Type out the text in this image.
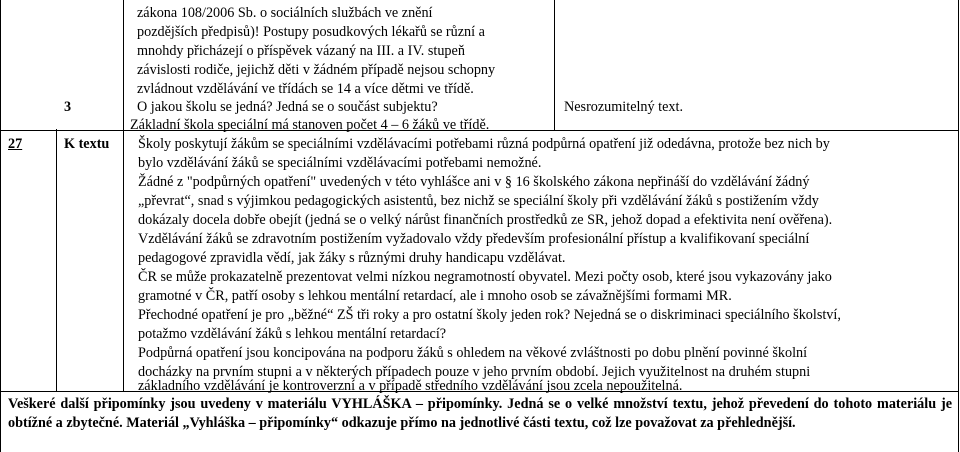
zákona 108/2006 Sb. o sociálních službách ve znění
pozdějších předpisů)! Postupy posudkových lékařů se různí a
mnohdy přicházejí o příspěvek vázaný na III. a IV. stupeň
závislosti rodiče, jejichž děti v žádném případě nejsou schopny
zvládnout vzdělávání ve třídách se 14 a více dětmi ve třídě.
3	O jakou školu se jedná? Jedná se o součást subjektu?
Základní škola speciální má stanoven počet 4 – 6 žáků ve třídě.
Nesrozumitelný text.
27	K textu Školy poskytují žákům se speciálními vzdělávacími potřebami různá podpůrná opatření již odedávna, protože bez nich by
bylo vzdělávání žáků se speciálními vzdělávacími potřebami nemožné.
Žádné z "podpůrných opatření" uvedených v této vyhlášce ani v § 16 školského zákona nepřináší do vzdělávání žádný
„převrat“, snad s výjimkou pedagogických asistentů, bez nichž se speciální školy při vzdělávání žáků s postižením vždy
dokázaly docela dobře obejít (jedná se o velký nárůst finančních prostředků ze SR, jehož dopad a efektivita není ověřena).
Vzdělávání žáků se zdravotním postižením vyžadovalo vždy především profesionální přístup a kvalifikovaní speciální
pedagogové zpravidla vědí, jak žáky s různými druhy handicapu vzdělávat.
ČR se může prokazatelně prezentovat velmi nízkou negramotností obyvatel. Mezi počty osob, které jsou vykazovány jako
gramotné v ČR, patří osoby s lehkou mentální retardací, ale i mnoho osob se závažnějšími formami MR.
Přechodné opatření je pro „běžné“ ZŠ tři roky a pro ostatní školy jeden rok? Nejedná se o diskriminaci speciálního školství,
potažmo vzdělávání žáků s lehkou mentální retardací?
Podpůrná opatření jsou koncipována na podporu žáků s ohledem na věkové zvláštnosti po dobu plnění povinné školní
docházky na prvním stupni a v některých případech pouze v jeho prvním období. Jejich využitelnost na druhém stupni
základního vzdělávání je kontroverzní a v případě středního vzdělávání jsou zcela nepoužitelná.
Veškeré další připomínky jsou uvedeny v materiálu VYHLÁŠKA – připomínky. Jedná se o velké množství textu, jehož převedení do tohoto materiálu je obtížné a zbytečné. Materiál „Vyhláška – připomínky“ odkazuje přímo na jednotlivé části textu, což lze považovat za přehlednější.
